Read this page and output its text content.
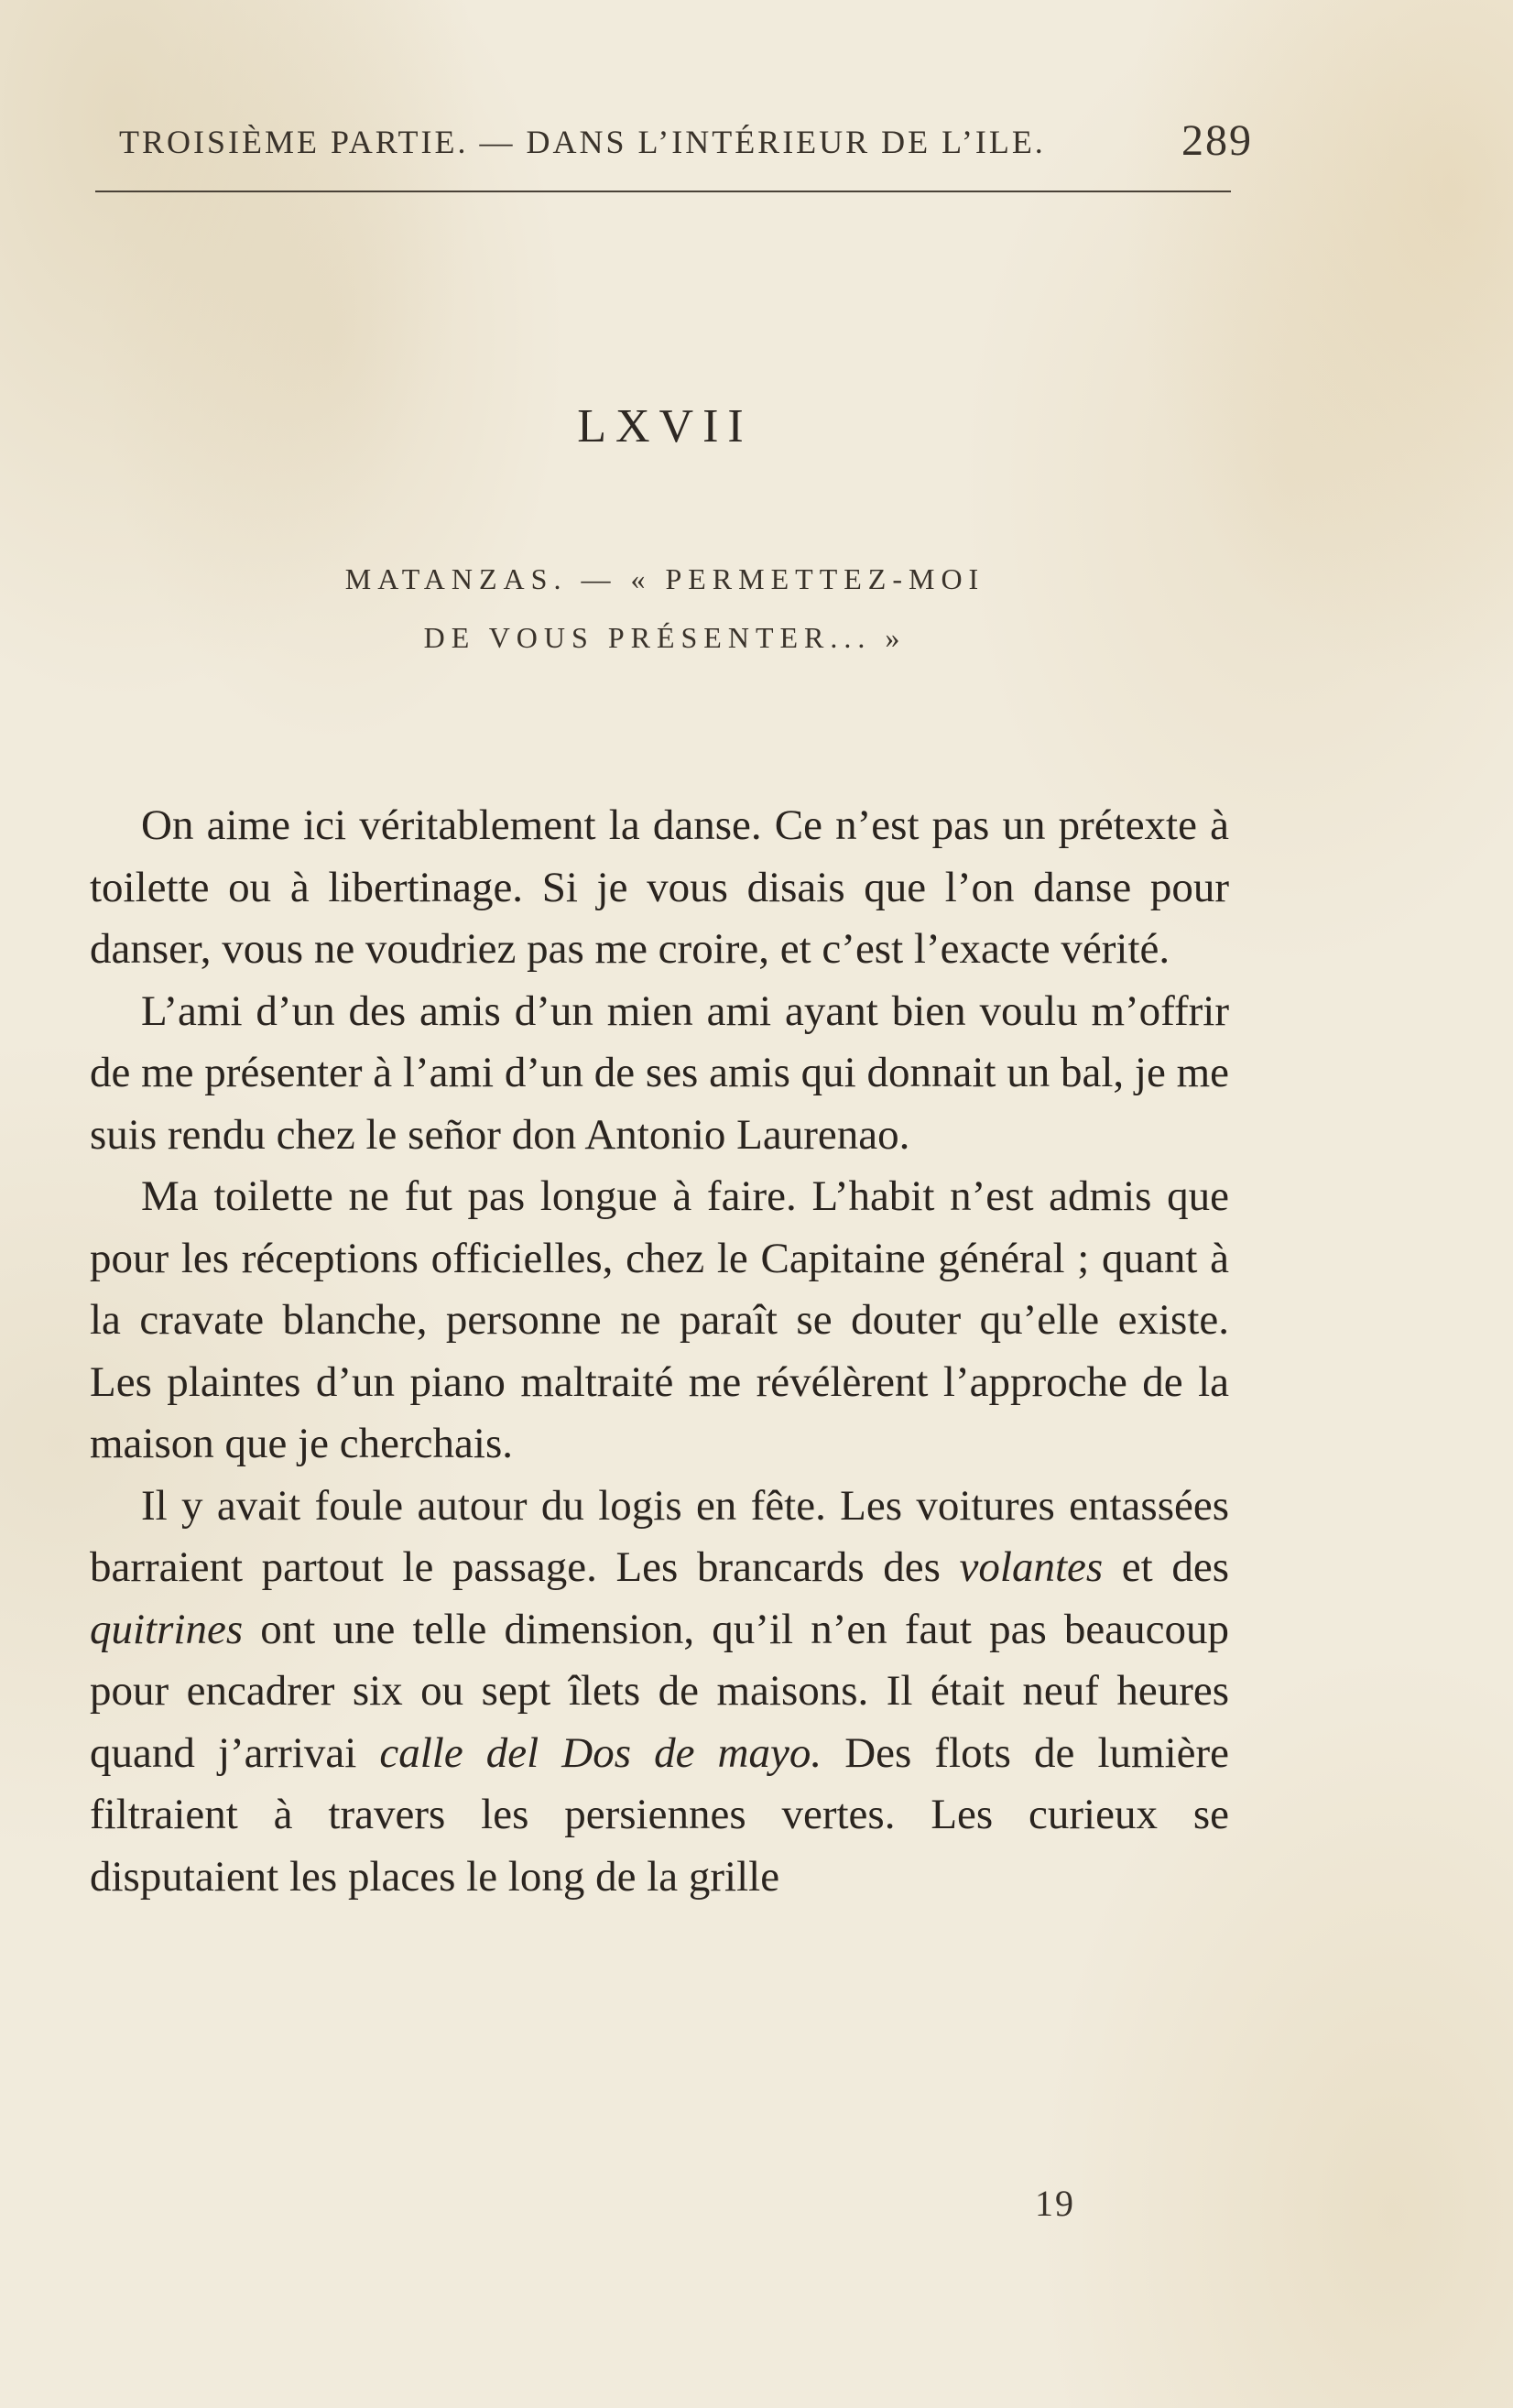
TROISIÈME PARTIE. — DANS L’INTÉRIEUR DE L’ILE.	289
LXVII
MATANZAS. — « PERMETTEZ-MOI
DE VOUS PRÉSENTER... »

On aime ici véritablement la danse. Ce n’est pas un prétexte à toilette ou à libertinage. Si je vous disais que l’on danse pour danser, vous ne voudriez pas me croire, et c’est l’exacte vérité.

L’ami d’un des amis d’un mien ami ayant bien voulu m’offrir de me présenter à l’ami d’un de ses amis qui donnait un bal, je me suis rendu chez le señor don Antonio Laurenao.

Ma toilette ne fut pas longue à faire. L’habit n’est admis que pour les réceptions officielles, chez le Capitaine général ; quant à la cravate blanche, personne ne paraît se douter qu’elle existe. Les plaintes d’un piano maltraité me révélèrent l’approche de la maison que je cherchais.

Il y avait foule autour du logis en fête. Les voitures entassées barraient partout le passage. Les brancards des volantes et des quitrines ont une telle dimension, qu’il n’en faut pas beaucoup pour encadrer six ou sept îlets de maisons. Il était neuf heures quand j’arrivai calle del Dos de mayo. Des flots de lumière filtraient à travers les persiennes vertes. Les curieux se disputaient les places le long de la grille

19
